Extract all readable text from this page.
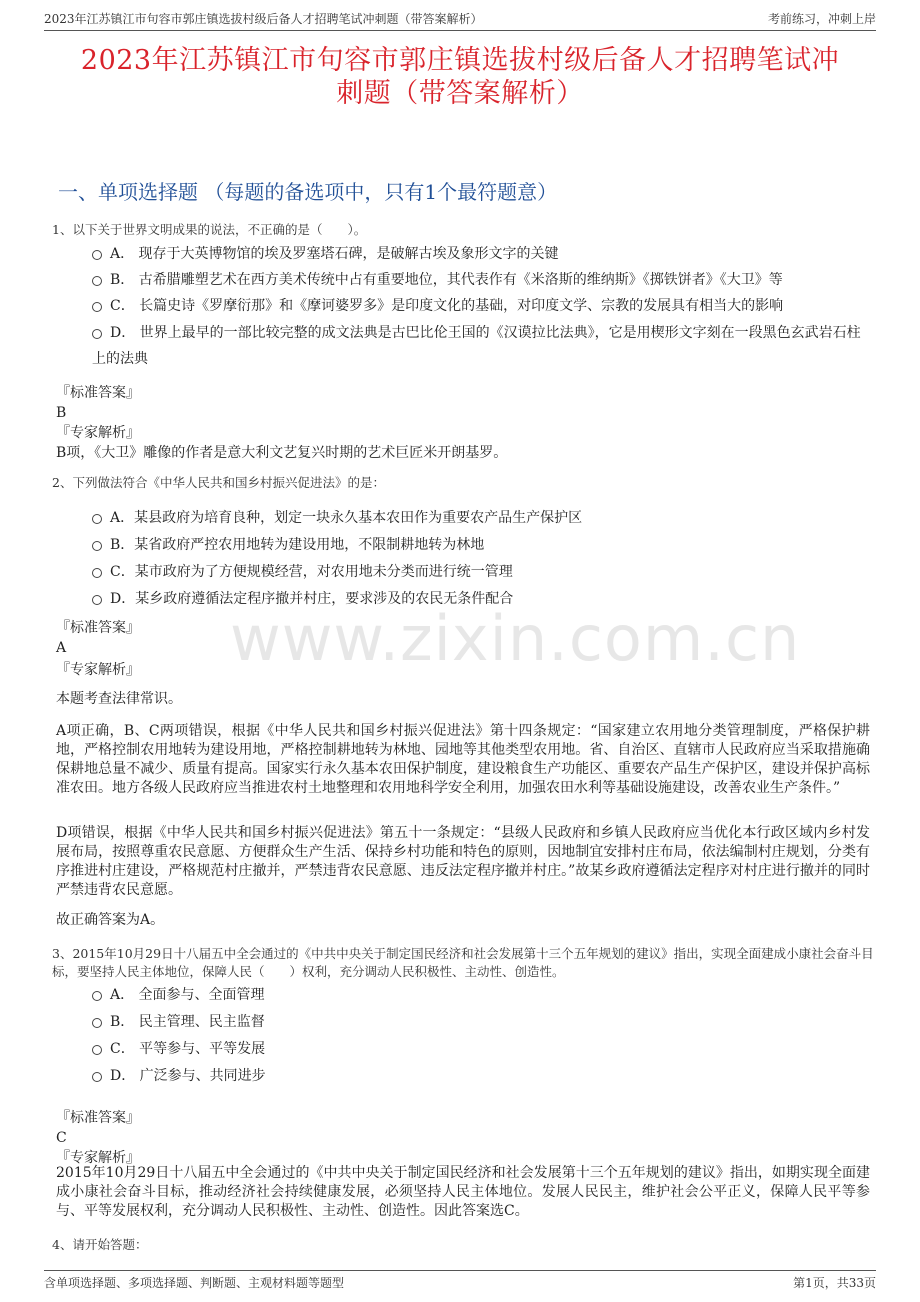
2023年江苏镇江市句容市郭庄镇选拔村级后备人才招聘笔试冲刺题（带答案解析）	考前练习，冲刺上岸
2023年江苏镇江市句容市郭庄镇选拔村级后备人才招聘笔试冲
刺题（带答案解析）
一、单项选择题 （每题的备选项中，只有1个最符题意）
www.zixin.com.cn
1、以下关于世界文明成果的说法，不正确的是（　　）。
A． 现存于大英博物馆的埃及罗塞塔石碑，是破解古埃及象形文字的关键
B． 古希腊雕塑艺术在西方美术传统中占有重要地位，其代表作有《米洛斯的维纳斯》《掷铁饼者》《大卫》等
C． 长篇史诗《罗摩衍那》和《摩诃婆罗多》是印度文化的基础，对印度文学、宗教的发展具有相当大的影响
D． 世界上最早的一部比较完整的成文法典是古巴比伦王国的《汉谟拉比法典》，它是用楔形文字刻在一段黑色玄武岩石柱上的法典
『标准答案』
B
『专家解析』
B项，《大卫》雕像的作者是意大利文艺复兴时期的艺术巨匠米开朗基罗。
2、下列做法符合《中华人民共和国乡村振兴促进法》的是：
A．某县政府为培育良种，划定一块永久基本农田作为重要农产品生产保护区
B．某省政府严控农用地转为建设用地，不限制耕地转为林地
C．某市政府为了方便规模经营，对农用地未分类而进行统一管理
D．某乡政府遵循法定程序撤并村庄，要求涉及的农民无条件配合
『标准答案』
A
『专家解析』
本题考查法律常识。
A项正确，B、C两项错误，根据《中华人民共和国乡村振兴促进法》第十四条规定：“国家建立农用地分类管理制度，严格保护耕地，严格控制农用地转为建设用地，严格控制耕地转为林地、园地等其他类型农用地。省、自治区、直辖市人民政府应当采取措施确保耕地总量不减少、质量有提高。国家实行永久基本农田保护制度，建设粮食生产功能区、重要农产品生产保护区，建设并保护高标准农田。地方各级人民政府应当推进农村土地整理和农用地科学安全利用，加强农田水利等基础设施建设，改善农业生产条件。”
D项错误，根据《中华人民共和国乡村振兴促进法》第五十一条规定：“县级人民政府和乡镇人民政府应当优化本行政区域内乡村发展布局，按照尊重农民意愿、方便群众生产生活、保持乡村功能和特色的原则，因地制宜安排村庄布局，依法编制村庄规划，分类有序推进村庄建设，严格规范村庄撤并，严禁违背农民意愿、违反法定程序撤并村庄。”故某乡政府遵循法定程序对村庄进行撤并的同时严禁违背农民意愿。
故正确答案为A。
3、2015年10月29日十八届五中全会通过的《中共中央关于制定国民经济和社会发展第十三个五年规划的建议》指出，实现全面建成小康社会奋斗目标，要坚持人民主体地位，保障人民（　　）权利，充分调动人民积极性、主动性、创造性。
A． 全面参与、全面管理
B． 民主管理、民主监督
C． 平等参与、平等发展
D． 广泛参与、共同进步
『标准答案』
C
『专家解析』
2015年10月29日十八届五中全会通过的《中共中央关于制定国民经济和社会发展第十三个五年规划的建议》指出，如期实现全面建成小康社会奋斗目标，推动经济社会持续健康发展，必须坚持人民主体地位。发展人民民主，维护社会公平正义，保障人民平等参与、平等发展权利，充分调动人民积极性、主动性、创造性。因此答案选C。
4、请开始答题：
含单项选择题、多项选择题、判断题、主观材料题等题型	第1页，共33页
